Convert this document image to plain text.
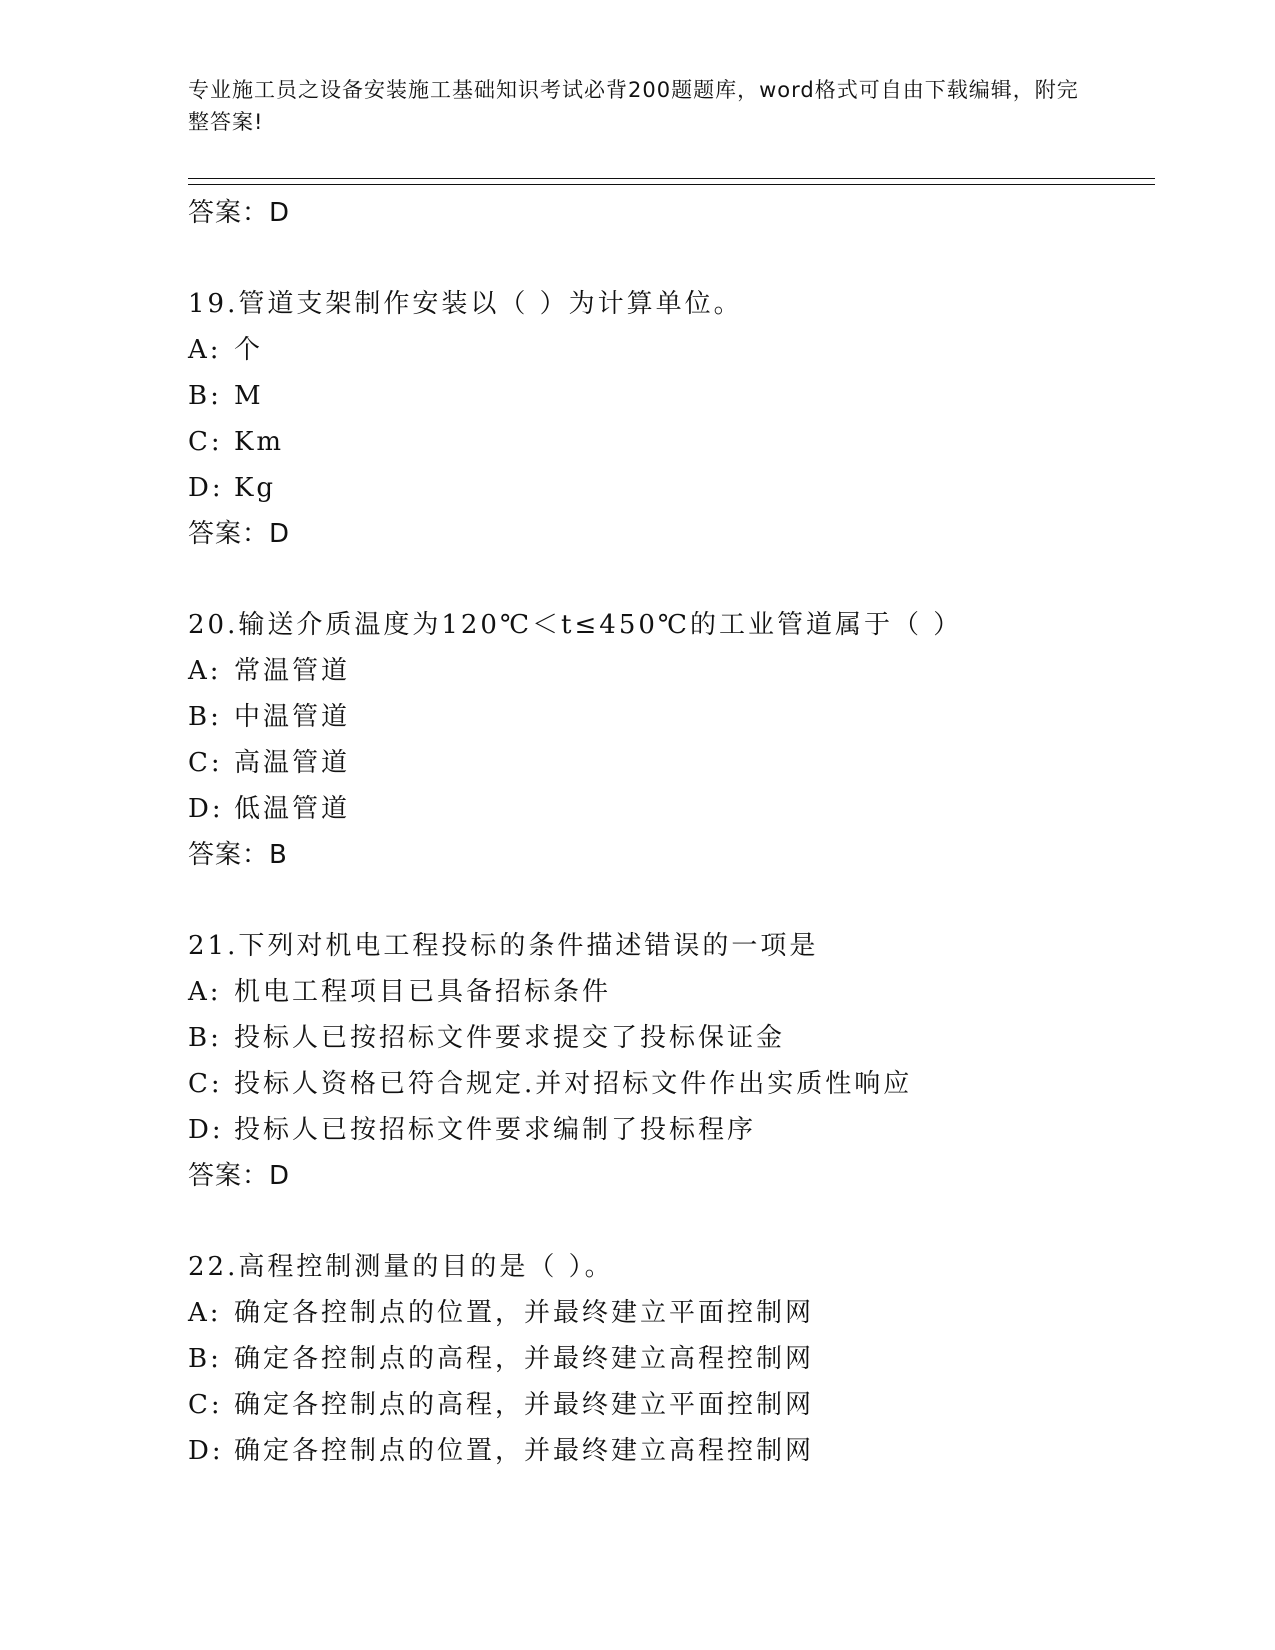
专业施工员之设备安装施工基础知识考试必背200题题库，word格式可自由下载编辑，附完整答案!
答案：D
19.管道支架制作安装以（ ）为计算单位。
A: 个
B: M
C: Km
D: Kg
答案：D
20.输送介质温度为120℃＜t≤450℃的工业管道属于（ ）
A: 常温管道
B: 中温管道
C: 高温管道
D: 低温管道
答案：B
21.下列对机电工程投标的条件描述错误的一项是
A: 机电工程项目已具备招标条件
B: 投标人已按招标文件要求提交了投标保证金
C: 投标人资格已符合规定.并对招标文件作出实质性响应
D: 投标人已按招标文件要求编制了投标程序
答案：D
22.高程控制测量的目的是（ ）。
A: 确定各控制点的位置，并最终建立平面控制网
B: 确定各控制点的高程，并最终建立高程控制网
C: 确定各控制点的高程，并最终建立平面控制网
D: 确定各控制点的位置，并最终建立高程控制网
